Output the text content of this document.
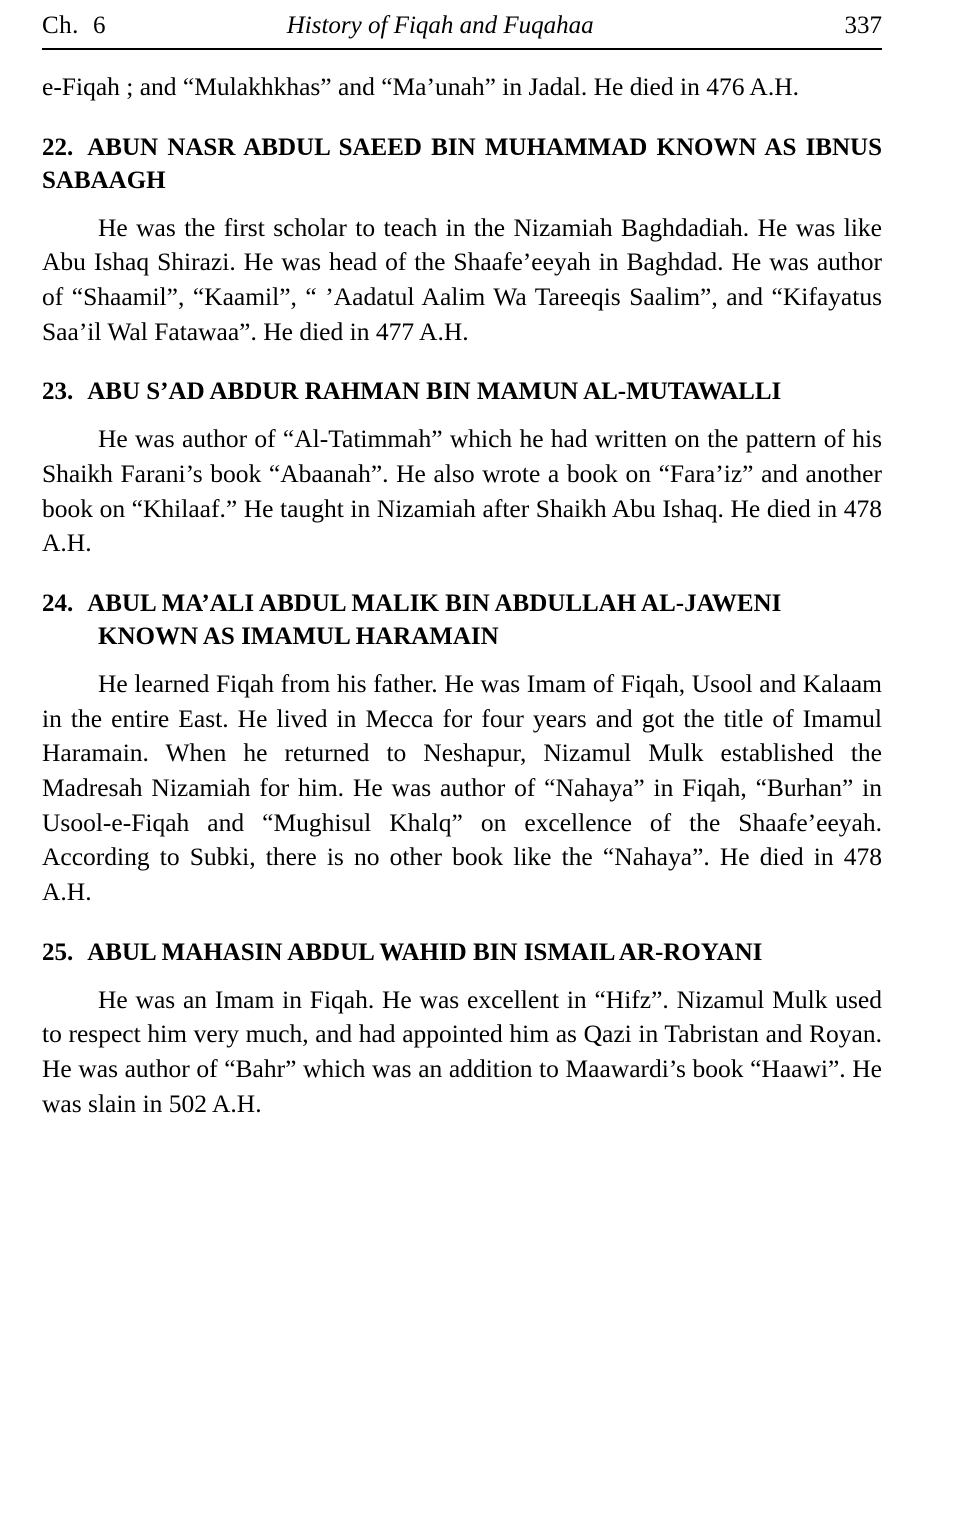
Ch. 6	History of Fiqah and Fuqahaa	337

e-Fiqah ; and “Mulakhkhas” and “Ma’unah” in Jadal. He died in 476 A.H.

22. ABUN NASR ABDUL SAEED BIN MUHAMMAD KNOWN AS IBNUS SABAAGH

He was the first scholar to teach in the Nizamiah Baghdadiah. He was like Abu Ishaq Shirazi. He was head of the Shaafe’eeyah in Baghdad. He was author of “Shaamil”, “Kaamil”, “ ’Aadatul Aalim Wa Tareeqis Saalim”, and “Kifayatus Saa’il Wal Fatawaa”. He died in 477 A.H.

23. ABU S’AD ABDUR RAHMAN BIN MAMUN AL-MUTAWALLI

He was author of “Al-Tatimmah” which he had written on the pattern of his Shaikh Farani’s book “Abaanah”. He also wrote a book on “Fara’iz” and another book on “Khilaaf.” He taught in Nizamiah after Shaikh Abu Ishaq. He died in 478 A.H.

24. ABUL MA’ALI ABDUL MALIK BIN ABDULLAH AL-JAWENI KNOWN AS IMAMUL HARAMAIN

He learned Fiqah from his father. He was Imam of Fiqah, Usool and Kalaam in the entire East. He lived in Mecca for four years and got the title of Imamul Haramain. When he returned to Neshapur, Nizamul Mulk established the Madresah Nizamiah for him. He was author of “Nahaya” in Fiqah, “Burhan” in Usool-e-Fiqah and “Mughisul Khalq” on excellence of the Shaafe’eeyah. According to Subki, there is no other book like the “Nahaya”. He died in 478 A.H.

25. ABUL MAHASIN ABDUL WAHID BIN ISMAIL AR-ROYANI

He was an Imam in Fiqah. He was excellent in “Hifz”. Nizamul Mulk used to respect him very much, and had appointed him as Qazi in Tabristan and Royan. He was author of “Bahr” which was an addition to Maawardi’s book “Haawi”. He was slain in 502 A.H.
